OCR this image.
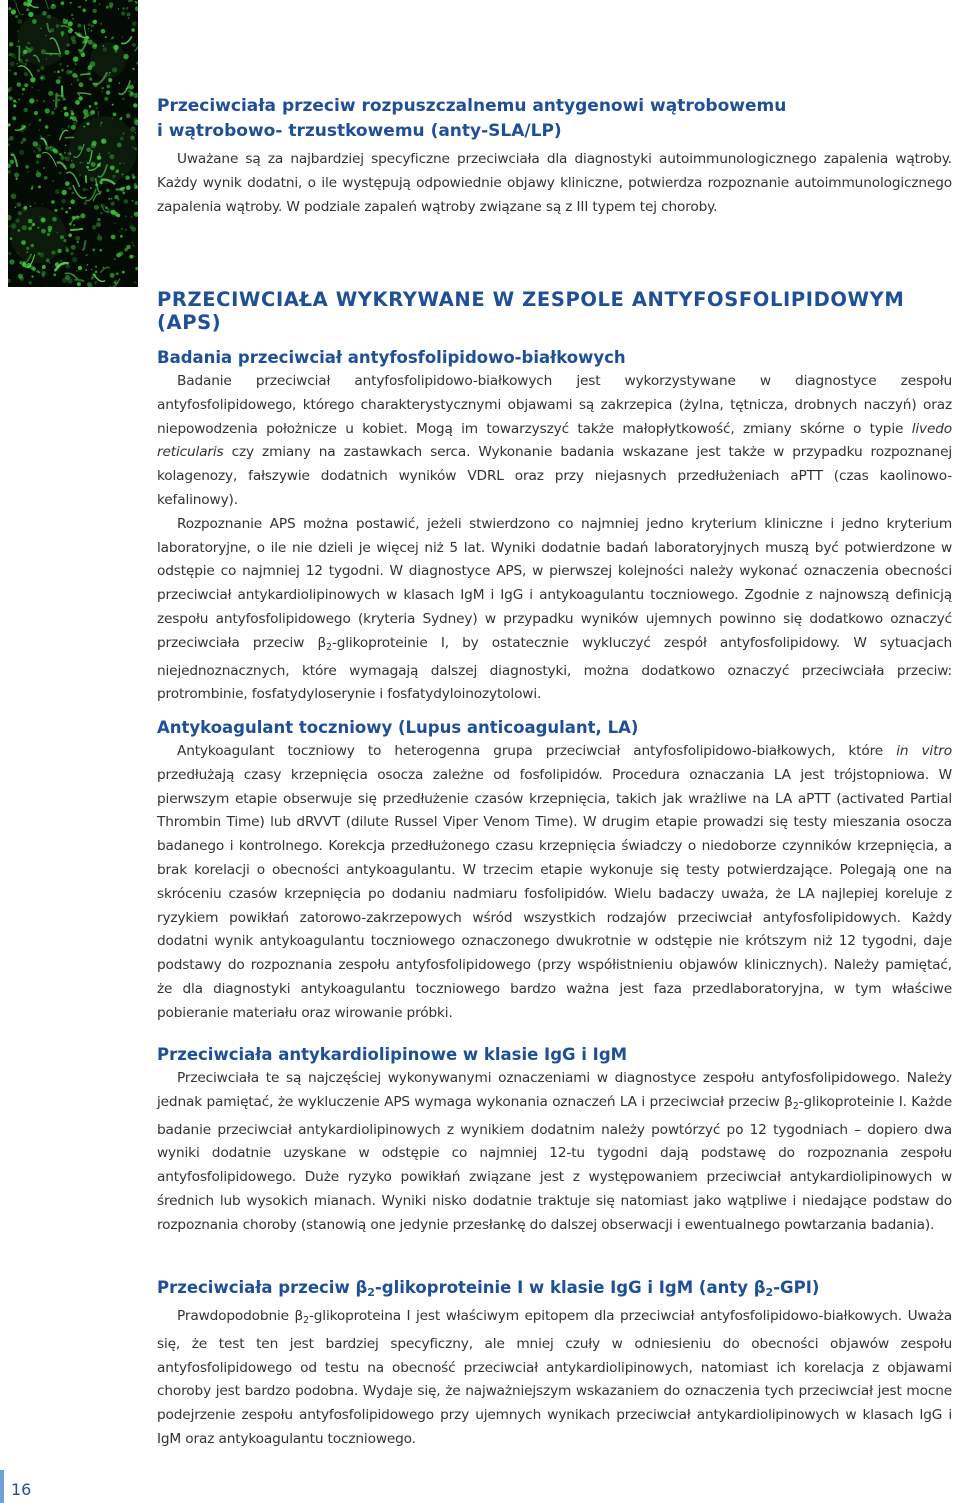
Przeciwciała przeciw rozpuszczalnemu antygenowi wątrobowemu
i wątrobowo- trzustkowemu (anty-SLA/LP)

Uważane są za najbardziej specyficzne przeciwciała dla diagnostyki autoimmunologicznego zapalenia wątroby. Każdy wynik dodatni, o ile występują odpowiednie objawy kliniczne, potwierdza rozpoznanie autoimmunologicznego zapalenia wątroby. W podziale zapaleń wątroby związane są z III typem tej choroby.

PRZECIWCIAŁA WYKRYWANE W ZESPOLE ANTYFOSFOLIPIDOWYM (APS)
Badania przeciwciał antyfosfolipidowo-białkowych

Badanie przeciwciał antyfosfolipidowo-białkowych jest wykorzystywane w diagnostyce zespołu antyfosfolipidowego, którego charakterystycznymi objawami są zakrzepica (żylna, tętnicza, drobnych naczyń) oraz niepowodzenia położnicze u kobiet. Mogą im towarzyszyć także małopłytkowość, zmiany skórne o typie livedo reticularis czy zmiany na zastawkach serca. Wykonanie badania wskazane jest także w przypadku rozpoznanej kolagenozy, fałszywie dodatnich wyników VDRL oraz przy niejasnych przedłużeniach aPTT (czas kaolinowo-kefalinowy).

Rozpoznanie APS można postawić, jeżeli stwierdzono co najmniej jedno kryterium kliniczne i jedno kryterium laboratoryjne, o ile nie dzieli je więcej niż 5 lat. Wyniki dodatnie badań laboratoryjnych muszą być potwierdzone w odstępie co najmniej 12 tygodni. W diagnostyce APS, w pierwszej kolejności należy wykonać oznaczenia obecności przeciwciał antykardiolipinowych w klasach IgM i IgG i antykoagulantu toczniowego. Zgodnie z najnowszą definicją zespołu antyfosfolipidowego (kryteria Sydney) w przypadku wyników ujemnych powinno się dodatkowo oznaczyć przeciwciała przeciw $\beta_2$-glikoproteinie I, by ostatecznie wykluczyć zespół antyfosfolipidowy. W sytuacjach niejednoznacznych, które wymagają dalszej diagnostyki, można dodatkowo oznaczyć przeciwciała przeciw: protrombinie, fosfatydyloserynie i fosfatydyloinozytolowi.

Antykoagulant toczniowy (Lupus anticoagulant, LA)

Antykoagulant toczniowy to heterogenna grupa przeciwciał antyfosfolipidowo-białkowych, które in vitro przedłużają czasy krzepnięcia osocza zależne od fosfolipidów. Procedura oznaczania LA jest trójstopniowa. W pierwszym etapie obserwuje się przedłużenie czasów krzepnięcia, takich jak wrażliwe na LA aPTT (activated Partial Thrombin Time) lub dRVVT (dilute Russel Viper Venom Time). W drugim etapie prowadzi się testy mieszania osocza badanego i kontrolnego. Korekcja przedłużonego czasu krzepnięcia świadczy o niedoborze czynników krzepnięcia, a brak korelacji o obecności antykoagulantu. W trzecim etapie wykonuje się testy potwierdzające. Polegają one na skróceniu czasów krzepnięcia po dodaniu nadmiaru fosfolipidów. Wielu badaczy uważa, że LA najlepiej koreluje z ryzykiem powikłań zatorowo-zakrzepowych wśród wszystkich rodzajów przeciwciał antyfosfolipidowych. Każdy dodatni wynik antykoagulantu toczniowego oznaczonego dwukrotnie w odstępie nie krótszym niż 12 tygodni, daje podstawy do rozpoznania zespołu antyfosfolipidowego (przy współistnieniu objawów klinicznych). Należy pamiętać, że dla diagnostyki antykoagulantu toczniowego bardzo ważna jest faza przedlaboratoryjna, w tym właściwe pobieranie materiału oraz wirowanie próbki.

Przeciwciała antykardiolipinowe w klasie IgG i IgM

Przeciwciała te są najczęściej wykonywanymi oznaczeniami w diagnostyce zespołu antyfosfolipidowego. Należy jednak pamiętać, że wykluczenie APS wymaga wykonania oznaczeń LA i przeciwciał przeciw $\beta_2$-glikoproteinie I. Każde badanie przeciwciał antykardiolipinowych z wynikiem dodatnim należy powtórzyć po 12 tygodniach – dopiero dwa wyniki dodatnie uzyskane w odstępie co najmniej 12-tu tygodni dają podstawę do rozpoznania zespołu antyfosfolipidowego. Duże ryzyko powikłań związane jest z występowaniem przeciwciał antykardiolipinowych w średnich lub wysokich mianach. Wyniki nisko dodatnie traktuje się natomiast jako wątpliwe i niedające podstaw do rozpoznania choroby (stanowią one jedynie przesłankę do dalszej obserwacji i ewentualnego powtarzania badania).

Przeciwciała przeciw $\beta_2$-glikoproteinie I w klasie IgG i IgM (anty $\beta_2-GPI$)

Prawdopodobnie $\beta_2$-glikoproteina I jest właściwym epitopem dla przeciwciał antyfosfolipidowo-białkowych. Uważa się, że test ten jest bardziej specyficzny, ale mniej czuły w odniesieniu do obecności objawów zespołu antyfosfolipidowego od testu na obecność przeciwciał antykardiolipinowych, natomiast ich korelacja z objawami choroby jest bardzo podobna. Wydaje się, że najważniejszym wskazaniem do oznaczenia tych przeciwciał jest mocne podejrzenie zespołu antyfosfolipidowego przy ujemnych wynikach przeciwciał antykardiolipinowych w klasach IgG i IgM oraz antykoagulantu toczniowego.

16
